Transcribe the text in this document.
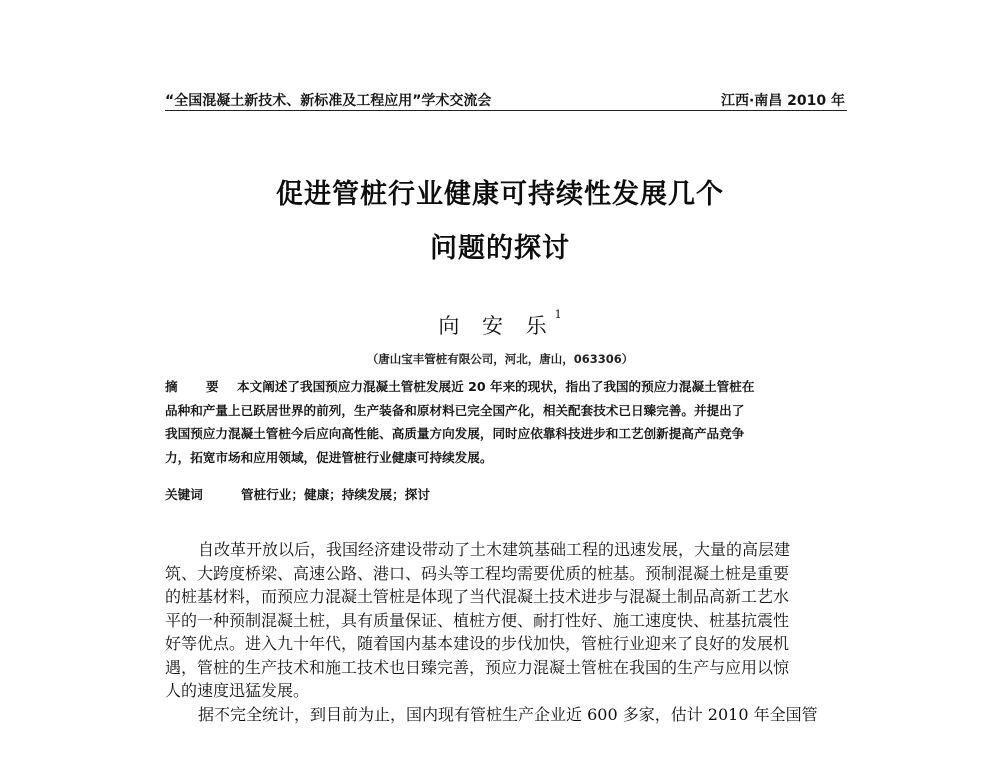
“全国混凝土新技术、新标准及工程应用”学术交流会	江西·南昌 2010 年
促进管桩行业健康可持续性发展几个
问题的探讨
向 安 乐$^1$
（唐山宝丰管桩有限公司，河北，唐山，063306）
摘 要 本文阐述了我国预应力混凝土管桩发展近 20 年来的现状，指出了我国的预应力混凝土管桩在
品种和产量上已跃居世界的前列，生产装备和原材料已完全国产化，相关配套技术已日臻完善。并提出了
我国预应力混凝土管桩今后应向高性能、高质量方向发展，同时应依靠科技进步和工艺创新提高产品竞争
力，拓宽市场和应用领域，促进管桩行业健康可持续发展。
关键词	管桩行业；健康；持续发展；探讨
自改革开放以后，我国经济建设带动了土木建筑基础工程的迅速发展，大量的高层建
筑、大跨度桥梁、高速公路、港口、码头等工程均需要优质的桩基。预制混凝土桩是重要
的桩基材料，而预应力混凝土管桩是体现了当代混凝土技术进步与混凝土制品高新工艺水
平的一种预制混凝土桩，具有质量保证、植桩方便、耐打性好、施工速度快、桩基抗震性
好等优点。进入九十年代，随着国内基本建设的步伐加快，管桩行业迎来了良好的发展机
遇，管桩的生产技术和施工技术也日臻完善，预应力混凝土管桩在我国的生产与应用以惊
人的速度迅猛发展。
据不完全统计，到目前为止，国内现有管桩生产企业近 600 多家，估计 2010 年全国管
